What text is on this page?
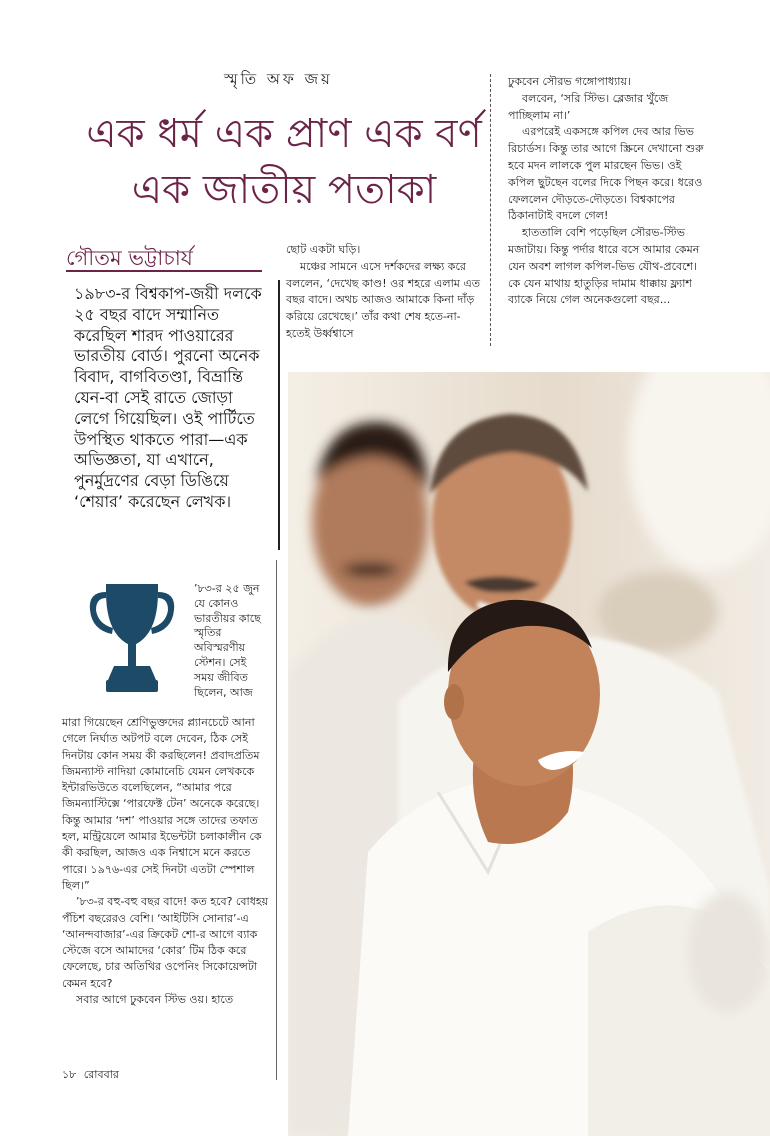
স্মৃতি অফ জয়
এক ধর্ম এক প্রাণ এক বর্ণ
এক জাতীয় পতাকা
গৌতম ভট্টাচার্য

১৯৮৩-র বিশ্বকাপ-জয়ী দলকে ২৫ বছর বাদে সম্মানিত করেছিল শারদ পাওয়ারের ভারতীয় বোর্ড। পুরনো অনেক বিবাদ, বাগবিতণ্ডা, বিভ্রান্তি যেন-বা সেই রাতে জোড়া লেগে গিয়েছিল। ওই পার্টিতে উপস্থিত থাকতে পারা—এক অভিজ্ঞতা, যা এখানে, পুনর্মুদ্রণের বেড়া ডিঙিয়ে ‘শেয়ার’ করেছেন লেখক।

’৮৩-র ২৫ জুন যে কোনও ভারতীয়র কাছে স্মৃতির অবিস্মরণীয় স্টেশন। সেই সময় জীবিত ছিলেন, আজ

মারা গিয়েছেন শ্রেণিভুক্তদের প্ল্যানচেটে আনা গেলে নির্ঘাত অটপট বলে দেবেন, ঠিক সেই দিনটায় কোন সময় কী করছিলেন! প্রবাদপ্রতিম জিমন্যাস্ট নাদিয়া কোমানেচি যেমন লেখককে ইন্টারভিউতে বলেছিলেন, “আমার পরে জিমন্যাস্টিক্সে ‘পারফেক্ট টেন’ অনেকে করেছে। কিন্তু আমার ‘দশ’ পাওয়ার সঙ্গে তাদের তফাত হল, মন্ট্রিয়েলে আমার ইভেন্টটা চলাকালীন কে কী করছিল, আজও এক নিশ্বাসে মনে করতে পারে। ১৯৭৬-এর সেই দিনটা এতটা স্পেশাল ছিল।”

’৮৩-র বহু-বহু বছর বাদে! কত হবে? বোধহয় পঁচিশ বছরেরও বেশি। ‘আইটিসি সোনার’-এ ‘আনন্দবাজার’-এর ক্রিকেট শো-র আগে ব্যাক স্টেজে বসে আমাদের ‘কোর’ টিম ঠিক করে ফেলেছে, চার অতিথির ওপেনিং সিকোয়েন্সটা কেমন হবে?

সবার আগে ঢুকবেন স্টিভ ওয়। হাতে

ছোট একটা ঘড়ি।

মঞ্চের সামনে এসে দর্শকদের লক্ষ্য করে বললেন, ‘দেখেছ কাণ্ড! ওর শহরে এলাম এত বছর বাদে। অথচ আজও আমাকে কিনা দাঁড় করিয়ে রেখেছে।’ তাঁর কথা শেষ হতে-না-হতেই উর্ধ্বশ্বাসে

ঢুকবেন সৌরভ গঙ্গোপাধ্যায়।

বলবেন, ‘সরি স্টিভ। ব্লেজার খুঁজে পাচ্ছিলাম না।’

এরপরেই একসঙ্গে কপিল দেব আর ভিভ রিচার্ডস। কিন্তু তার আগে স্ক্রিনে দেখানো শুরু হবে মদন লালকে পুল মারছেন ভিভ। ওই কপিল ছুটছেন বলের দিকে পিছন করে। ধরেও ফেললেন দৌড়তে-দৌড়তে। বিশ্বকাপের ঠিকানাটাই বদলে গেল!

হাততালি বেশি পড়েছিল সৌরভ-স্টিভ মজাটায়। কিন্তু পর্দার ধারে বসে আমার কেমন যেন অবশ লাগল কপিল-ভিভ যৌথ-প্রবেশে। কে যেন মাথায় হাতুড়ির দামাম ধাক্কায় ফ্ল্যাশ ব্যাকে নিয়ে গেল অনেকগুলো বছর...

১৮ রোববার
